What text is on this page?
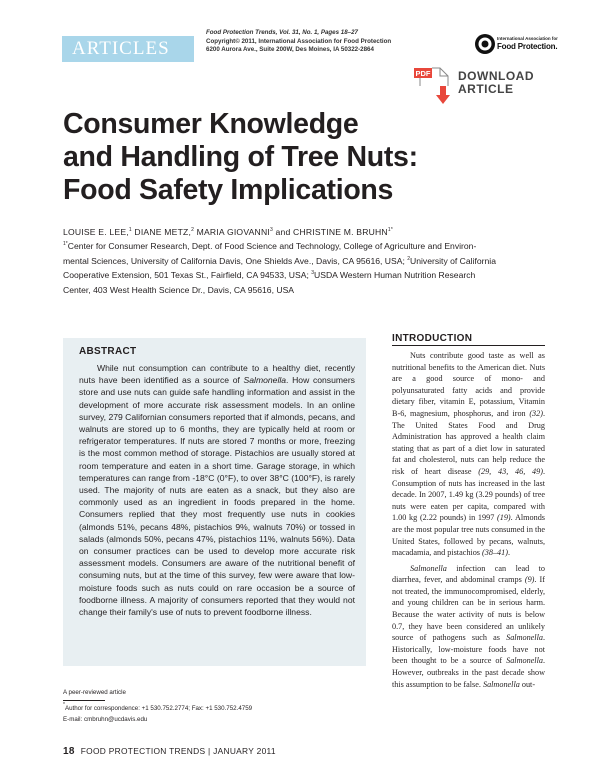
ARTICLES
Food Protection Trends, Vol. 31, No. 1, Pages 18–27
Copyright© 2011, International Association for Food Protection
6200 Aurora Ave., Suite 200W, Des Moines, IA 50322-2864
International Association for
Food Protection.
PDF DOWNLOAD
ARTICLE
Consumer Knowledge
and Handling of Tree Nuts:
Food Safety Implications
LOUISE E. LEE,$^1$ DIANE METZ,$^2$ MARIA GIOVANNI$^3$ and CHRISTINE M. $BRUHN^{1*}$
$^{1*}$Center for Consumer Research, Dept. of Food Science and Technology, College of Agriculture and Environ-
mental Sciences, University of California Davis, One Shields Ave., Davis, CA 95616, USA; $^2$University of California
Cooperative Extension, 501 Texas St., Fairfield, CA 94533, USA; $^3$USDA Western Human Nutrition Research
Center, 403 West Health Science Dr., Davis, CA 95616, USA
ABSTRACT

While nut consumption can contribute to a healthy diet, recently nuts have been identified as a source of Salmonella. How consumers store and use nuts can guide safe handling information and assist in the development of more accurate risk assessment models. In an online survey, 279 Californian consumers reported that if almonds, pecans, and walnuts are stored up to 6 months, they are typically held at room or refrigerator temperatures. If nuts are stored 7 months or more, freezing is the most common method of storage. Pistachios are usually stored at room temperature and eaten in a short time. Garage storage, in which temperatures can range from -18°C (0°F), to over 38°C (100°F), is rarely used. The majority of nuts are eaten as a snack, but they also are commonly used as an ingredient in foods prepared in the home. Consumers replied that they most frequently use nuts in cookies (almonds 51%, pecans 48%, pistachios 9%, walnuts 70%) or tossed in salads (almonds 50%, pecans 47%, pistachios 11%, walnuts 56%). Data on consumer practices can be used to develop more accurate risk assessment models. Consumers are aware of the nutritional benefit of consuming nuts, but at the time of this survey, few were aware that low-moisture foods such as nuts could on rare occasion be a source of foodborne illness. A majority of consumers reported that they would not change their family's use of nuts to prevent foodborne illness.

A peer-reviewed article
*Author for correspondence: +1 530.752.2774; Fax: +1 530.752.4759
E-mail: cmbruhn@ucdavis.edu
18 FOOD PROTECTION TRENDS | JANUARY 2011
INTRODUCTION

Nuts contribute good taste as well as nutritional benefits to the American diet. Nuts are a good source of mono- and polyunsaturated fatty acids and provide dietary fiber, vitamin E, potassium, Vitamin B-6, magnesium, phosphorus, and iron (32). The United States Food and Drug Administration has approved a health claim stating that as part of a diet low in saturated fat and cholesterol, nuts can help reduce the risk of heart disease (29, 43, 46, 49). Consumption of nuts has increased in the last decade. In 2007, 1.49 kg (3.29 pounds) of tree nuts were eaten per capita, compared with 1.00 kg (2.22 pounds) in 1997 (19). Almonds are the most popular tree nuts consumed in the United States, followed by pecans, walnuts, macadamia, and pistachios (38–41).

Salmonella infection can lead to diarrhea, fever, and abdominal cramps (9). If not treated, the immunocompromised, elderly, and young children can be in serious harm. Because the water activity of nuts is below 0.7, they have been considered an unlikely source of pathogens such as Salmonella. Historically, low-moisture foods have not been thought to be a source of Salmonella. However, outbreaks in the past decade show this assumption to be false. Salmonella out-
